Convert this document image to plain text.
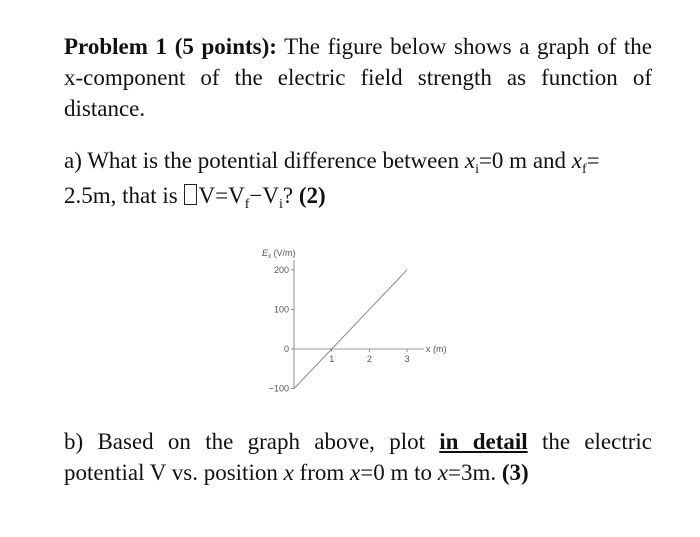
Problem 1 (5 points): The figure below shows a graph of the x-component of the electric field strength as function of distance.
a) What is the potential difference between $x_i=0$ m and $x_f= 2.5m$, that is $V=V_f-V_i$? (2)
$E_x$ (V/m)
200
100
0
−100
1	2	3
x (m)
b) Based on the graph above, plot in detail the electric potential V vs. position x from x=0 m to x=3m. (3)
